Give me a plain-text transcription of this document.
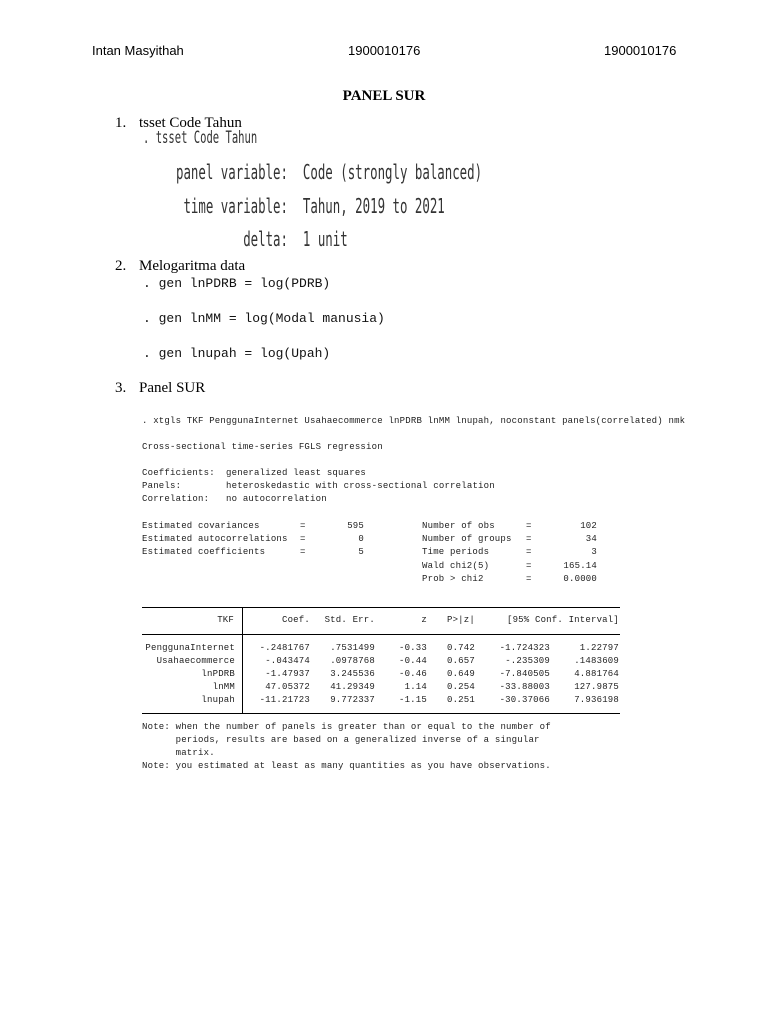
Intan Masyithah	1900010176	1900010176
PANEL SUR
1. tsset Code Tahun
. tsset Code Tahun
panel variable:  Code (strongly balanced)
time variable:  Tahun, 2019 to 2021
delta:  1 unit
2. Melogaritma data
. gen lnPDRB = log(PDRB)
. gen lnMM = log(Modal manusia)
. gen lnupah = log(Upah)
3. Panel SUR
. xtgls TKF PenggunaInternet Usahaecommerce lnPDRB lnMM lnupah, noconstant panels(correlated) nmk
Cross-sectional time-series FGLS regression
Coefficients:  generalized least squares
Panels:        heteroskedastic with cross-sectional correlation
Correlation:   no autocorrelation
Estimated covariances	=	595
Estimated autocorrelations =	0
Estimated coefficients	=	5
Number of obs	=	102
Number of groups =	34
Time periods	=	3
Wald chi2(5)	=	165.14
Prob > chi2	=	0.0000
TKF	Coef.	Std. Err.	z	P>|z|	[95% Conf. Interval]
PenggunaInternet	-.2481767	.7531499	-0.33	0.742	-1.724323	1.22797
Usahaecommerce	-.043474	.0978768	-0.44	0.657	-.235309	.1483609
lnPDRB	-1.47937	3.245536	-0.46	0.649	-7.840505	4.881764
lnMM	47.05372	41.29349	1.14	0.254	-33.88003	127.9875
lnupah	-11.21723	9.772337	-1.15	0.251	-30.37066	7.936198
Note: when the number of panels is greater than or equal to the number of
periods, results are based on a generalized inverse of a singular
matrix.
Note: you estimated at least as many quantities as you have observations.
